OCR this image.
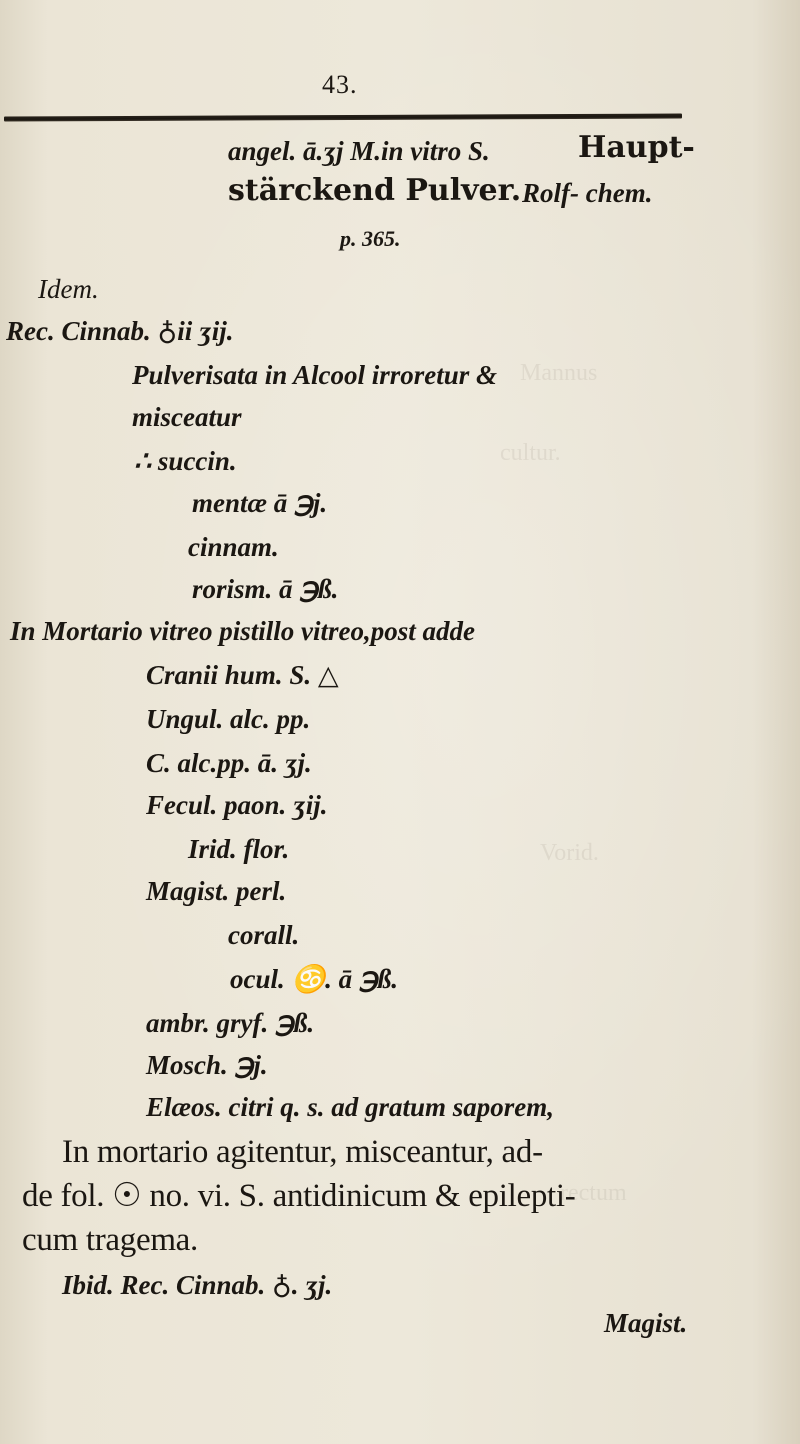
Mannus
cultur.
Vorid.
rectum
43.
angel. ā.ʒj M.in vitro S.	Haupt-
stärckend Pulver. Rolf- chem.
p. 365.
Idem.
Rec. Cinnab. ♁ii ʒij.
Pulverisata in Alcool irroretur &
misceatur
∴ succin.
mentæ ā ℈j.
cinnam.
rorism. ā ℈ß.
In Mortario vitreo pistillo vitreo,post adde
Cranii hum. S. △
Ungul. alc. pp.
C. alc.pp. ā. ʒj.
Fecul. paon. ʒij.
Irid. flor.
Magist. perl.
corall.
ocul. ♋. ā ℈ß.
ambr. gryf. ℈ß.
Mosch. ℈j.
Elæos. citri q. s. ad gratum saporem,
In mortario agitentur, misceantur, ad-
de fol. ☉ no. vi. S. antidinicum & epilepti-
cum tragema.
Ibid. Rec. Cinnab. ♁. ʒj.
Magist.
